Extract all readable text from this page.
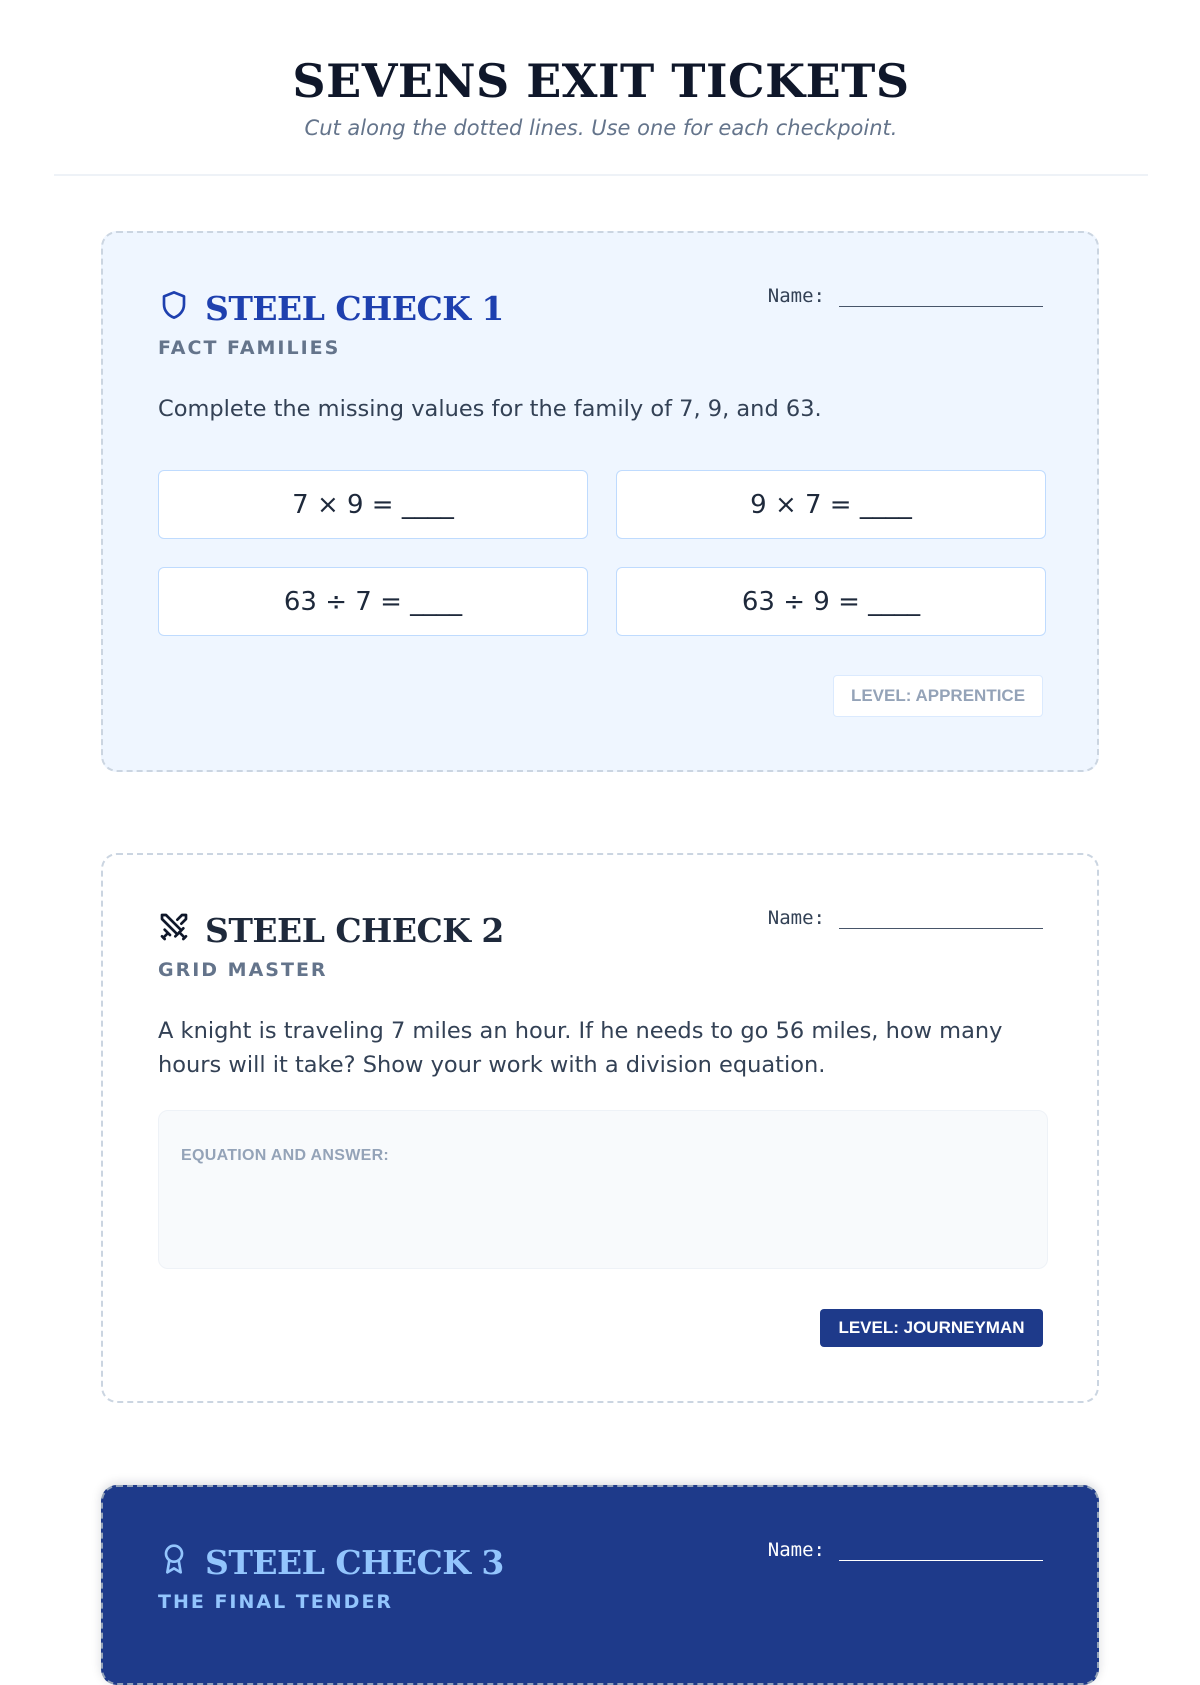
SEVENS EXIT TICKETS

Cut along the dotted lines. Use one for each checkpoint.

STEEL CHECK 1
FACT FAMILIES
Name:

Complete the missing values for the family of 7, 9, and 63.

7 × 9 = ____	9 × 7 = ____
63 ÷ 7 = ____	63 ÷ 9 = ____
LEVEL: APPRENTICE
STEEL CHECK 2
GRID MASTER
Name:

A knight is traveling 7 miles an hour. If he needs to go 56 miles, how many hours will it take? Show your work with a division equation.

EQUATION AND ANSWER:
LEVEL: JOURNEYMAN
STEEL CHECK 3
THE FINAL TENDER
Name:
